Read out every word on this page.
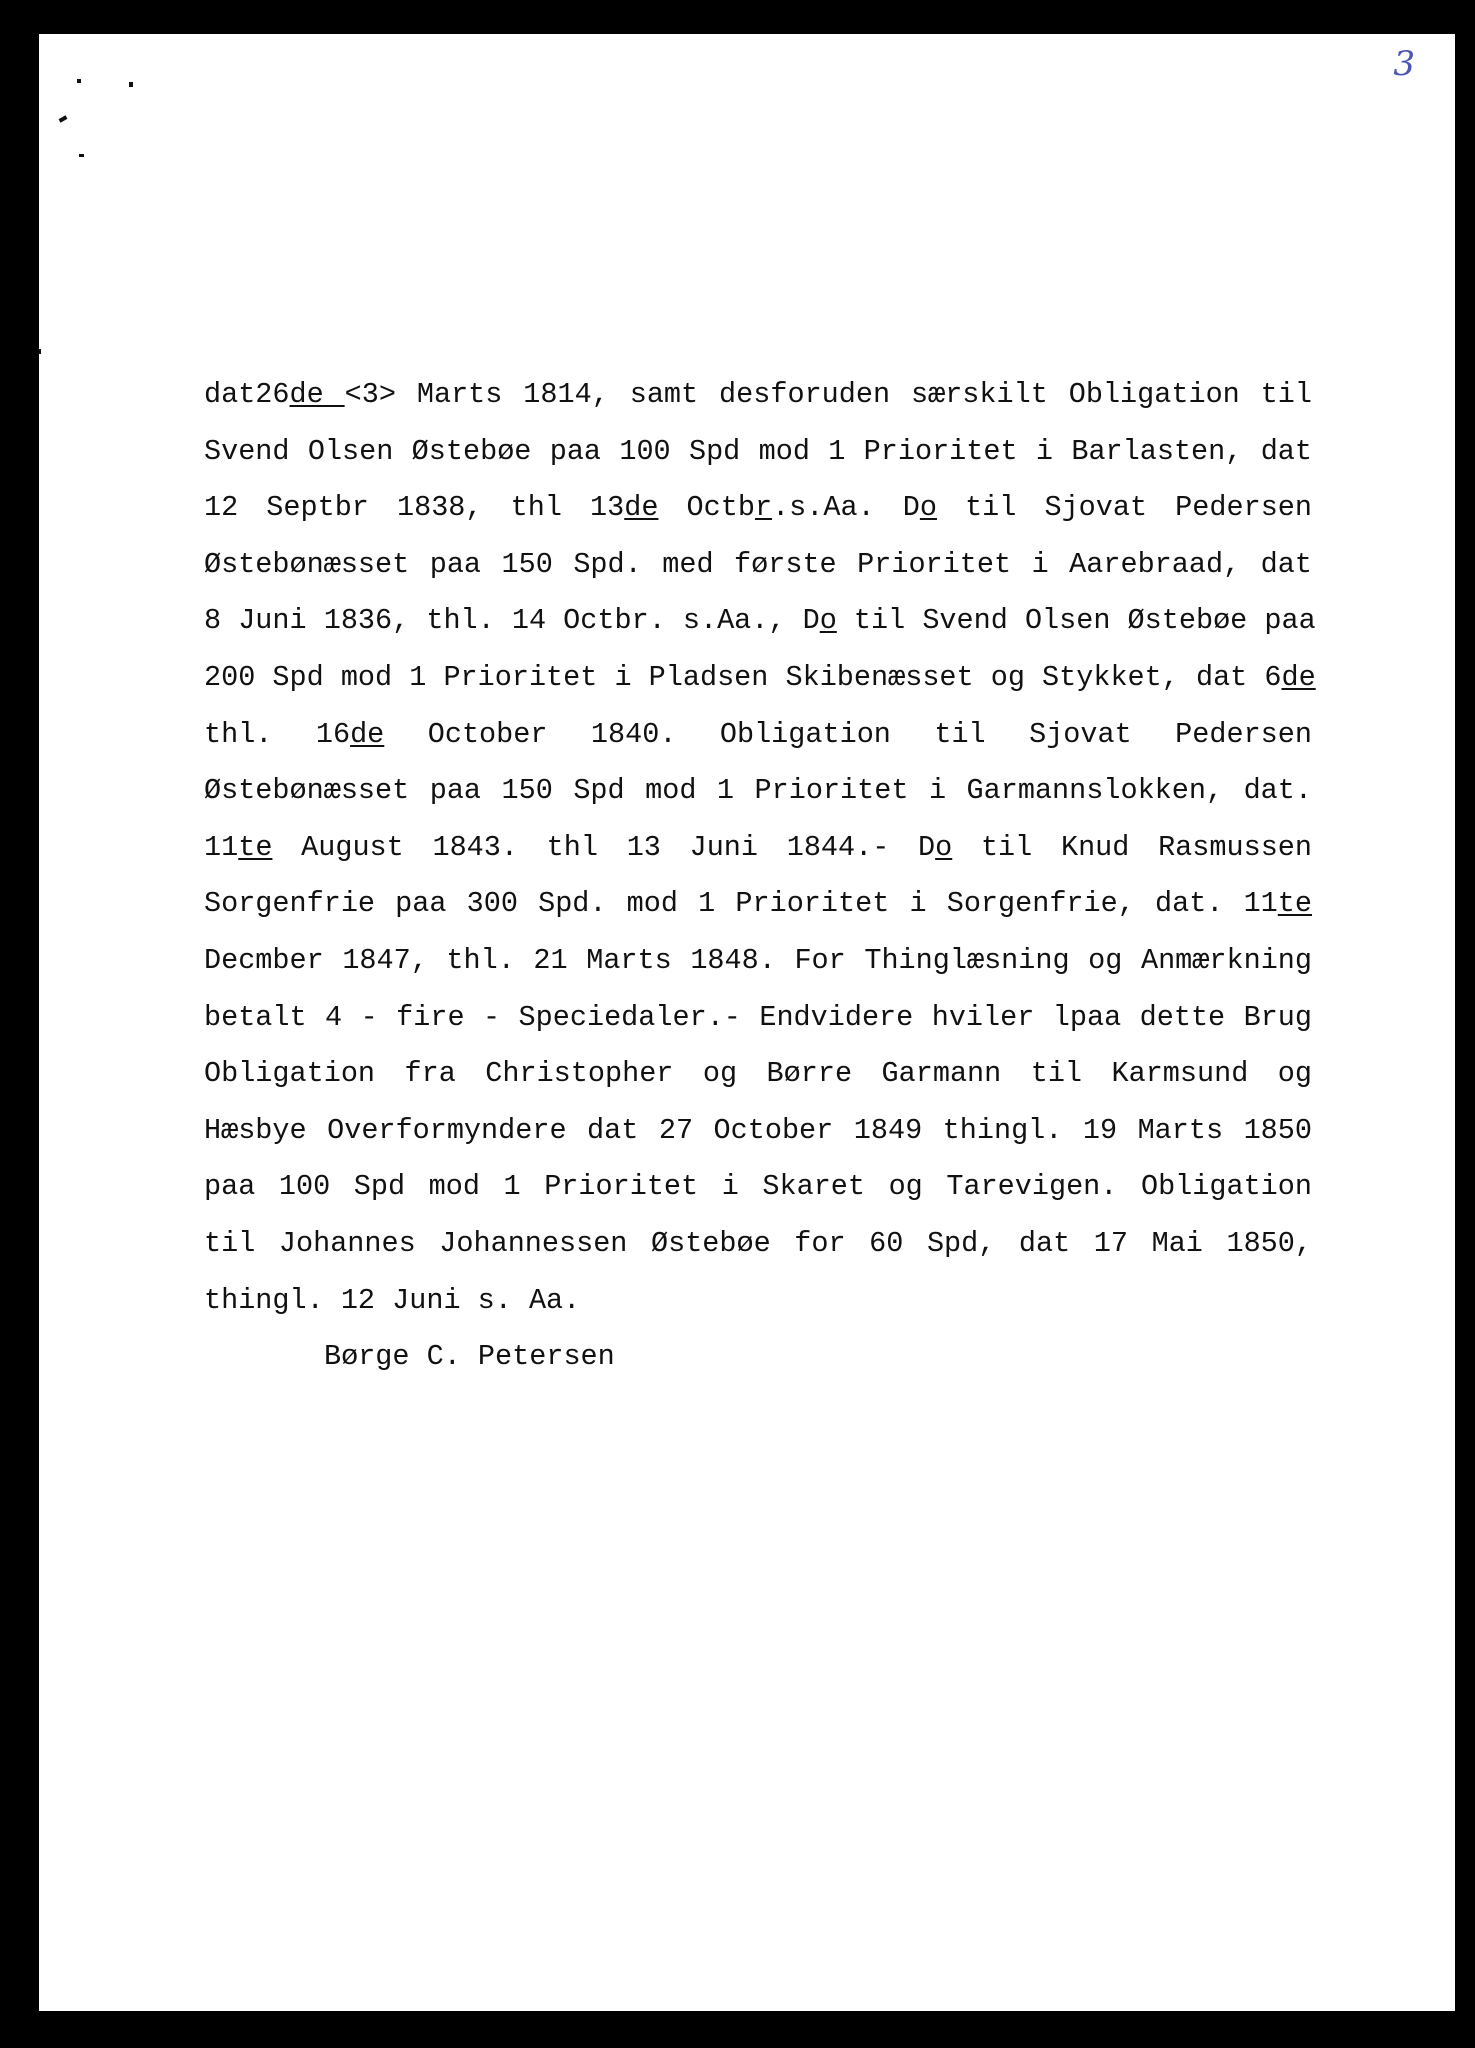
3
dat26de <3> Marts 1814, samt desforuden særskilt Obligation til
Svend Olsen Østebøe paa 100 Spd mod 1 Prioritet i Barlasten, dat
12 Septbr 1838, thl 13de Octbr.s.Aa. Do til Sjovat Pedersen
Østebønæsset paa 150 Spd. med første Prioritet i Aarebraad, dat
8 Juni 1836, thl. 14 Octbr. s.Aa., Do til Svend Olsen Østebøe paa
200 Spd mod 1 Prioritet i Pladsen Skibenæsset og Stykket, dat 6de
thl. 16de October 1840. Obligation til Sjovat Pedersen
Østebønæsset paa 150 Spd mod 1 Prioritet i Garmannslokken, dat.
11te August 1843. thl 13 Juni 1844.- Do til Knud Rasmussen
Sorgenfrie paa 300 Spd. mod 1 Prioritet i Sorgenfrie, dat. 11te
Decmber 1847, thl. 21 Marts 1848. For Thinglæsning og Anmærkning
betalt 4 - fire - Speciedaler.- Endvidere hviler lpaa dette Brug
Obligation fra Christopher og Børre Garmann til Karmsund og
Hæsbye Overformyndere dat 27 October 1849 thingl. 19 Marts 1850
paa 100 Spd mod 1 Prioritet i Skaret og Tarevigen. Obligation
til Johannes Johannessen Østebøe for 60 Spd, dat 17 Mai 1850,
thingl. 12 Juni s. Aa.
Børge C. Petersen
